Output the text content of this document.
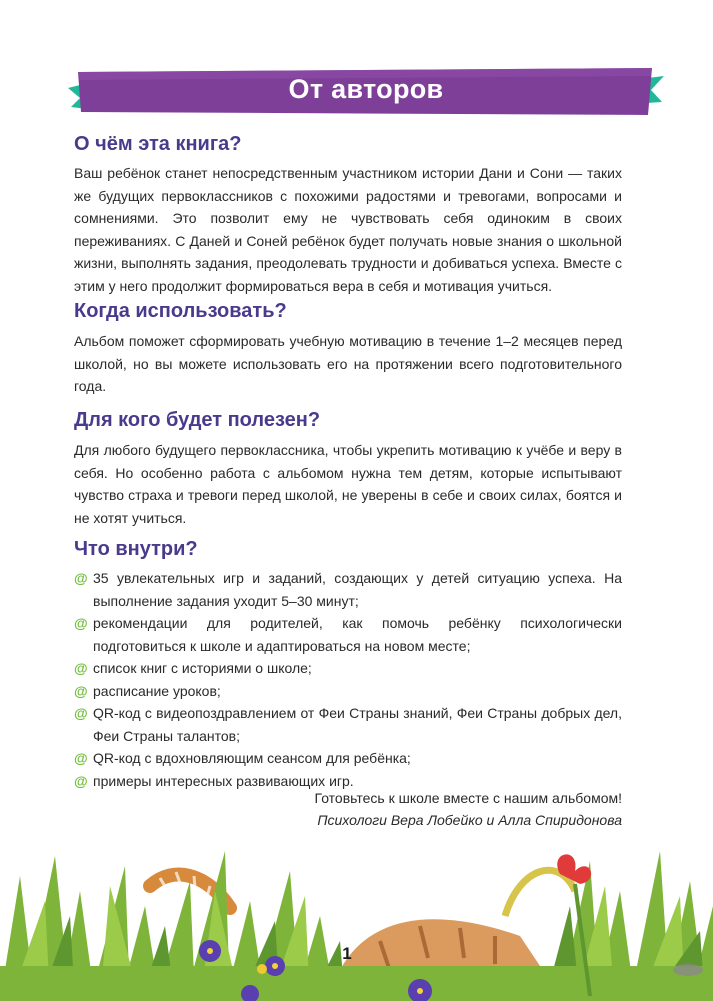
От авторов
О чём эта книга?

Ваш ребёнок станет непосредственным участником истории Дани и Сони — таких же будущих первоклассников с похожими радостями и тревогами, вопросами и сомнениями. Это позволит ему не чувствовать себя одиноким в своих переживаниях. С Даней и Соней ребёнок будет получать новые знания о школьной жизни, выполнять задания, преодолевать трудности и добиваться успеха. Вместе с этим у него продолжит формироваться вера в себя и мотивация учиться.

Когда использовать?

Альбом поможет сформировать учебную мотивацию в течение 1–2 месяцев перед школой, но вы можете использовать его на протяжении всего подготовительного года.

Для кого будет полезен?

Для любого будущего первоклассника, чтобы укрепить мотивацию к учёбе и веру в себя. Но особенно работа с альбомом нужна тем детям, которые испытывают чувство страха и тревоги перед школой, не уверены в себе и своих силах, боятся и не хотят учиться.

Что внутри?
@ 35 увлекательных игр и заданий, создающих у детей ситуацию успеха. На выполнение задания уходит 5–30 минут;
@ рекомендации для родителей, как помочь ребёнку психологически подготовиться к школе и адаптироваться на новом месте;
@ список книг с историями о школе;
@ расписание уроков;
@ QR-код с видеопоздравлением от Феи Страны знаний, Феи Страны добрых дел, Феи Страны талантов;
@ QR-код с вдохновляющим сеансом для ребёнка;
@ примеры интересных развивающих игр.
Готовьтесь к школе вместе с нашим альбомом!
Психологи Вера Лобейко и Алла Спиридонова
1
